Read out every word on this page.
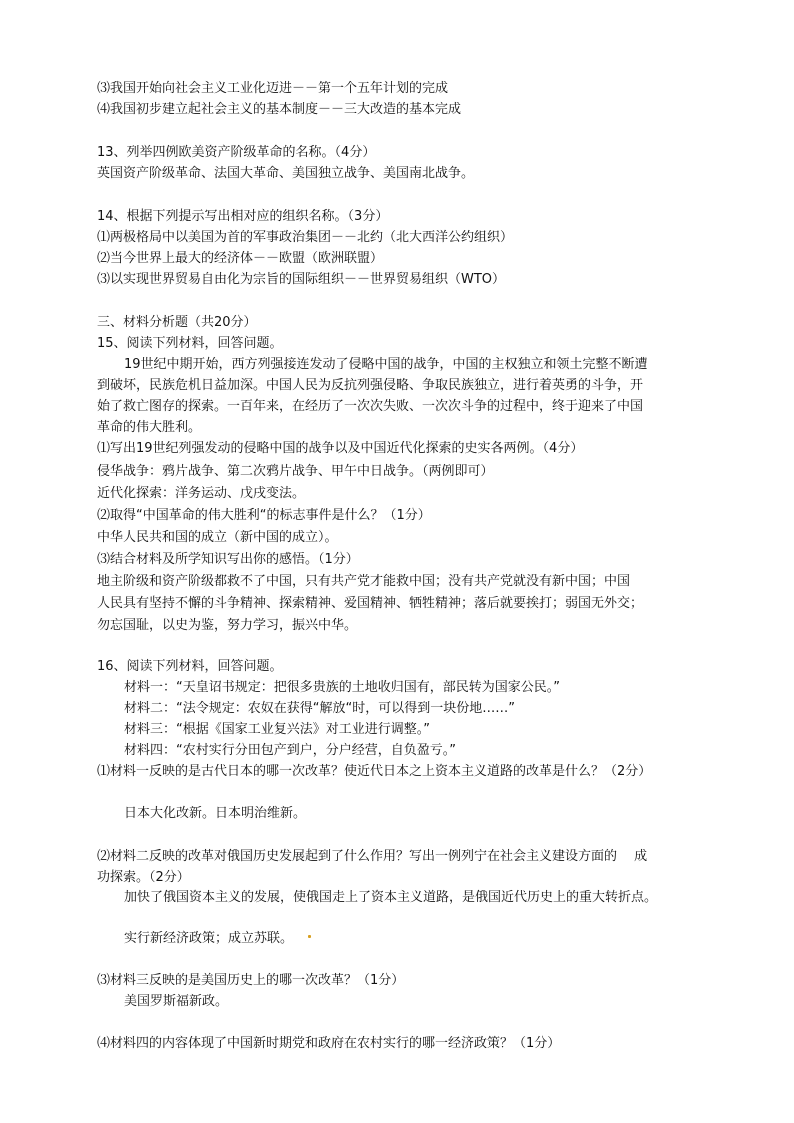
⑶我国开始向社会主义工业化迈进－－第一个五年计划的完成
⑷我国初步建立起社会主义的基本制度－－三大改造的基本完成
13、列举四例欧美资产阶级革命的名称。（4分）
英国资产阶级革命、法国大革命、美国独立战争、美国南北战争。
14、根据下列提示写出相对应的组织名称。（3分）
⑴两极格局中以美国为首的军事政治集团－－北约（北大西洋公约组织）
⑵当今世界上最大的经济体－－欧盟（欧洲联盟）
⑶以实现世界贸易自由化为宗旨的国际组织－－世界贸易组织（WTO）
三、材料分析题（共20分）
15、阅读下列材料，回答问题。
19世纪中期开始，西方列强接连发动了侵略中国的战争，中国的主权独立和领土完整不断遭
到破坏，民族危机日益加深。中国人民为反抗列强侵略、争取民族独立，进行着英勇的斗争，开
始了救亡图存的探索。一百年来，在经历了一次次失败、一次次斗争的过程中，终于迎来了中国
革命的伟大胜利。
⑴写出19世纪列强发动的侵略中国的战争以及中国近代化探索的史实各两例。（4分）
侵华战争：鸦片战争、第二次鸦片战争、甲午中日战争。（两例即可）
近代化探索：洋务运动、戊戌变法。
⑵取得“中国革命的伟大胜利“的标志事件是什么？（1分）
中华人民共和国的成立（新中国的成立）。
⑶结合材料及所学知识写出你的感悟。（1分）
地主阶级和资产阶级都救不了中国，只有共产党才能救中国；没有共产党就没有新中国；中国
人民具有坚持不懈的斗争精神、探索精神、爱国精神、牺牲精神；落后就要挨打；弱国无外交；
勿忘国耻，以史为鉴，努力学习，振兴中华。
16、阅读下列材料，回答问题。
材料一：“天皇诏书规定：把很多贵族的土地收归国有，部民转为国家公民。”
材料二：“法令规定：农奴在获得“解放“时，可以得到一块份地……”
材料三：“根据《国家工业复兴法》对工业进行调整。”
材料四：“农村实行分田包产到户，分户经营，自负盈亏。”
⑴材料一反映的是古代日本的哪一次改革？使近代日本之上资本主义道路的改革是什么？（2分）
日本大化改新。日本明治维新。
⑵材料二反映的改革对俄国历史发展起到了什么作用？写出一例列宁在社会主义建设方面的　 成
功探索。（2分）
加快了俄国资本主义的发展，使俄国走上了资本主义道路，是俄国近代历史上的重大转折点。
实行新经济政策；成立苏联。
⑶材料三反映的是美国历史上的哪一次改革？（1分）
美国罗斯福新政。
⑷材料四的内容体现了中国新时期党和政府在农村实行的哪一经济政策？（1分）
